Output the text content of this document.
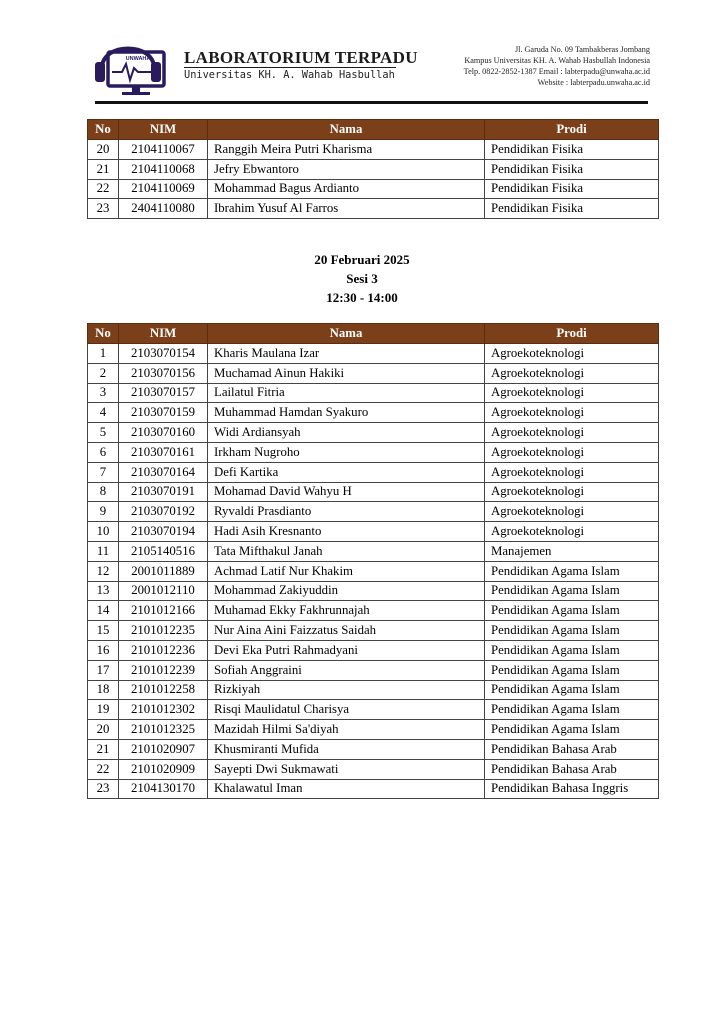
UNWAHA LABORATORIUM TERPADU
Universitas KH. A. Wahab Hasbullah
Jl. Garuda No. 09 Tambakberas Jombang
Kampus Universitas KH. A. Wahab Hasbullah Indonesia
Telp. 0822-2852-1387 Email : labterpadu@unwaha.ac.id
Website : labterpadu.unwaha.ac.id
No	NIM	Nama	Prodi
20	2104110067	Ranggih Meira Putri Kharisma	Pendidikan Fisika
21	2104110068	Jefry Ebwantoro	Pendidikan Fisika
22	2104110069	Mohammad Bagus Ardianto	Pendidikan Fisika
23	2404110080	Ibrahim Yusuf Al Farros	Pendidikan Fisika
20 Februari 2025
Sesi 3
12:30 - 14:00
No	NIM	Nama	Prodi
1	2103070154	Kharis Maulana Izar	Agroekoteknologi
2	2103070156	Muchamad Ainun Hakiki	Agroekoteknologi
3	2103070157	Lailatul Fitria	Agroekoteknologi
4	2103070159	Muhammad Hamdan Syakuro	Agroekoteknologi
5	2103070160	Widi Ardiansyah	Agroekoteknologi
6	2103070161	Irkham Nugroho	Agroekoteknologi
7	2103070164	Defi Kartika	Agroekoteknologi
8	2103070191	Mohamad David Wahyu H	Agroekoteknologi
9	2103070192	Ryvaldi Prasdianto	Agroekoteknologi
10	2103070194	Hadi Asih Kresnanto	Agroekoteknologi
11	2105140516	Tata Mifthakul Janah	Manajemen
12	2001011889	Achmad Latif Nur Khakim	Pendidikan Agama Islam
13	2001012110	Mohammad Zakiyuddin	Pendidikan Agama Islam
14	2101012166	Muhamad Ekky Fakhrunnajah	Pendidikan Agama Islam
15	2101012235	Nur Aina Aini Faizzatus Saidah	Pendidikan Agama Islam
16	2101012236	Devi Eka Putri Rahmadyani	Pendidikan Agama Islam
17	2101012239	Sofiah Anggraini	Pendidikan Agama Islam
18	2101012258	Rizkiyah	Pendidikan Agama Islam
19	2101012302	Risqi Maulidatul Charisya	Pendidikan Agama Islam
20	2101012325	Mazidah Hilmi Sa'diyah	Pendidikan Agama Islam
21	2101020907	Khusmiranti Mufida	Pendidikan Bahasa Arab
22	2101020909	Sayepti Dwi Sukmawati	Pendidikan Bahasa Arab
23	2104130170	Khalawatul Iman	Pendidikan Bahasa Inggris
